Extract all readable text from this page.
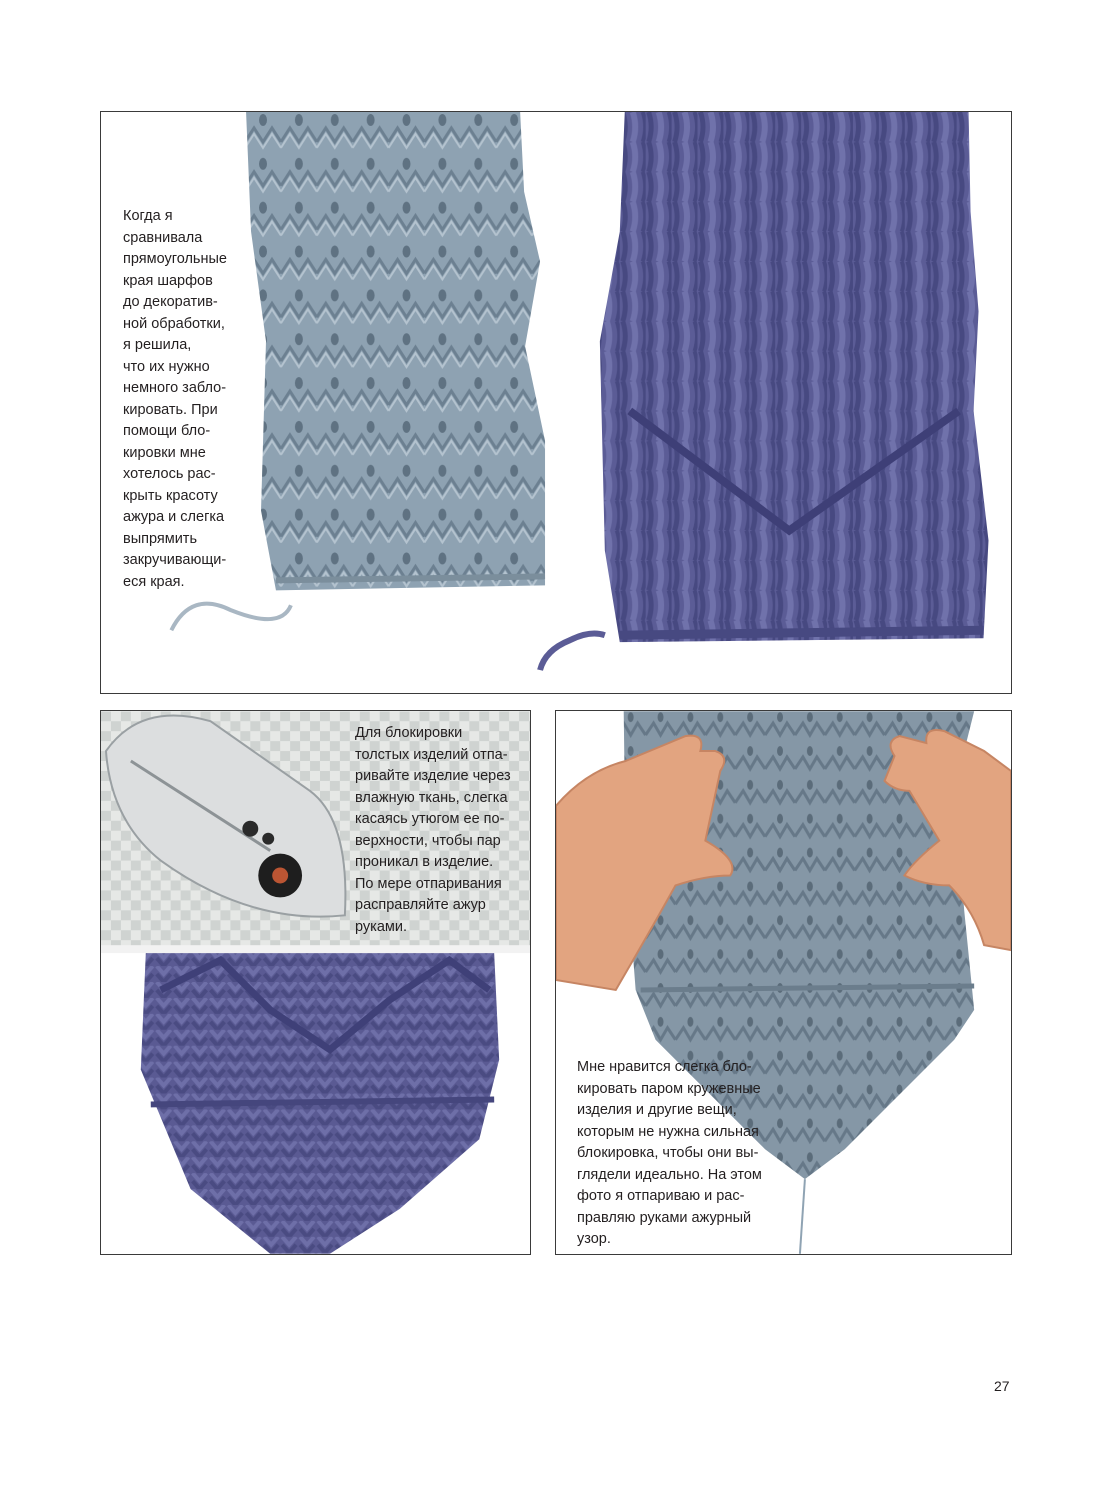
Когда я
сравнивала
прямоугольные
края шарфов
до декоратив-
ной обработки,
я решила,
что их нужно
немного забло-
кировать. При
помощи бло-
кировки мне
хотелось рас-
крыть красоту
ажура и слегка
выпрямить
закручивающи-
еся края.

Для блокировки
толстых изделий отпа-
ривайте изделие через
влажную ткань, слегка
касаясь утюгом ее по-
верхности, чтобы пар
проникал в изделие.
По мере отпаривания
расправляйте ажур
руками.

Мне нравится слегка бло-
кировать паром кружевные
изделия и другие вещи,
которым не нужна сильная
блокировка, чтобы они вы-
глядели идеально. На этом
фото я отпариваю и рас-
правляю руками ажурный
узор.

27
